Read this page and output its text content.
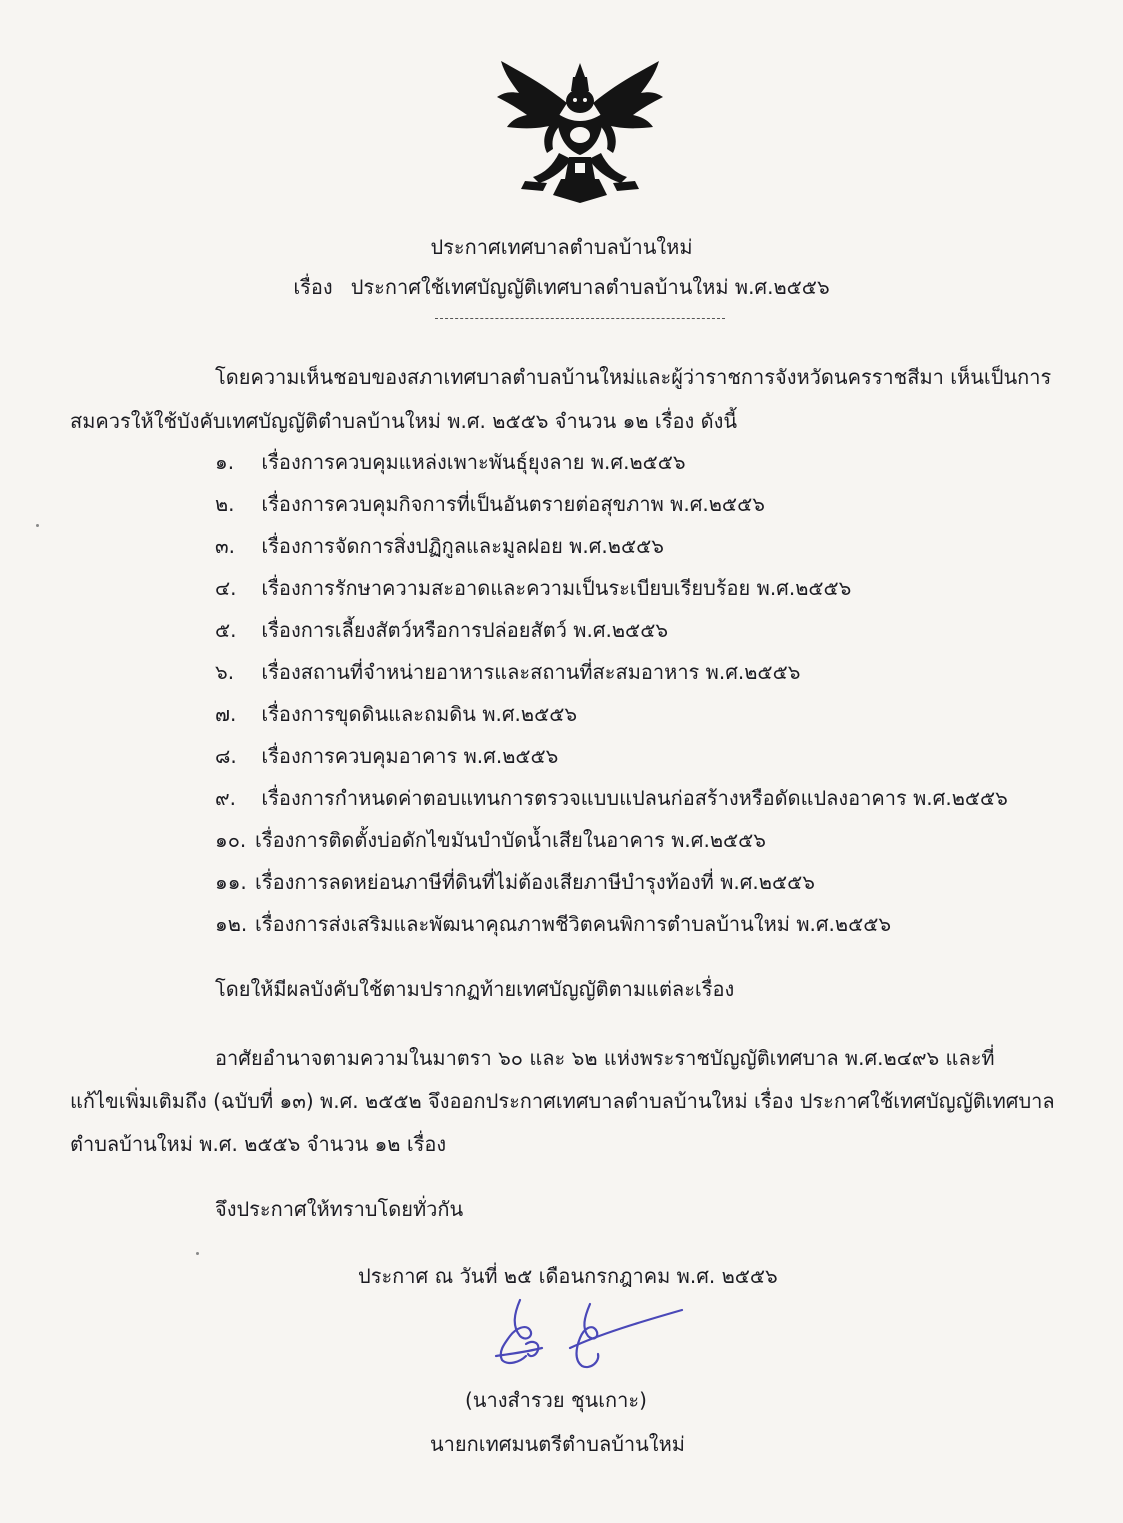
ประกาศเทศบาลตำบลบ้านใหม่
เรื่อง ประกาศใช้เทศบัญญัติเทศบาลตำบลบ้านใหม่ พ.ศ.๒๕๕๖
โดยความเห็นชอบของสภาเทศบาลตำบลบ้านใหม่และผู้ว่าราชการจังหวัดนครราชสีมา เห็นเป็นการ
สมควรให้ใช้บังคับเทศบัญญัติตำบลบ้านใหม่ พ.ศ. ๒๕๕๖ จำนวน ๑๒ เรื่อง ดังนี้
๑. เรื่องการควบคุมแหล่งเพาะพันธุ์ยุงลาย พ.ศ.๒๕๕๖
๒. เรื่องการควบคุมกิจการที่เป็นอันตรายต่อสุขภาพ พ.ศ.๒๕๕๖
๓. เรื่องการจัดการสิ่งปฏิกูลและมูลฝอย พ.ศ.๒๕๕๖
๔. เรื่องการรักษาความสะอาดและความเป็นระเบียบเรียบร้อย พ.ศ.๒๕๕๖
๕. เรื่องการเลี้ยงสัตว์หรือการปล่อยสัตว์ พ.ศ.๒๕๕๖
๖. เรื่องสถานที่จำหน่ายอาหารและสถานที่สะสมอาหาร พ.ศ.๒๕๕๖
๗. เรื่องการขุดดินและถมดิน พ.ศ.๒๕๕๖
๘. เรื่องการควบคุมอาคาร พ.ศ.๒๕๕๖
๙. เรื่องการกำหนดค่าตอบแทนการตรวจแบบแปลนก่อสร้างหรือดัดแปลงอาคาร พ.ศ.๒๕๕๖
๑๐. เรื่องการติดตั้งบ่อดักไขมันบำบัดน้ำเสียในอาคาร พ.ศ.๒๕๕๖
๑๑. เรื่องการลดหย่อนภาษีที่ดินที่ไม่ต้องเสียภาษีบำรุงท้องที่ พ.ศ.๒๕๕๖
๑๒. เรื่องการส่งเสริมและพัฒนาคุณภาพชีวิตคนพิการตำบลบ้านใหม่ พ.ศ.๒๕๕๖
โดยให้มีผลบังคับใช้ตามปรากฏท้ายเทศบัญญัติตามแต่ละเรื่อง
อาศัยอำนาจตามความในมาตรา ๖๐ และ ๖๒ แห่งพระราชบัญญัติเทศบาล พ.ศ.๒๔๙๖ และที่
แก้ไขเพิ่มเติมถึง (ฉบับที่ ๑๓) พ.ศ. ๒๕๕๒ จึงออกประกาศเทศบาลตำบลบ้านใหม่ เรื่อง ประกาศใช้เทศบัญญัติเทศบาล
ตำบลบ้านใหม่ พ.ศ. ๒๕๕๖ จำนวน ๑๒ เรื่อง
จึงประกาศให้ทราบโดยทั่วกัน
ประกาศ ณ วันที่ ๒๕ เดือนกรกฎาคม พ.ศ. ๒๕๕๖
(นางสำรวย ชุนเกาะ)
นายกเทศมนตรีตำบลบ้านใหม่
